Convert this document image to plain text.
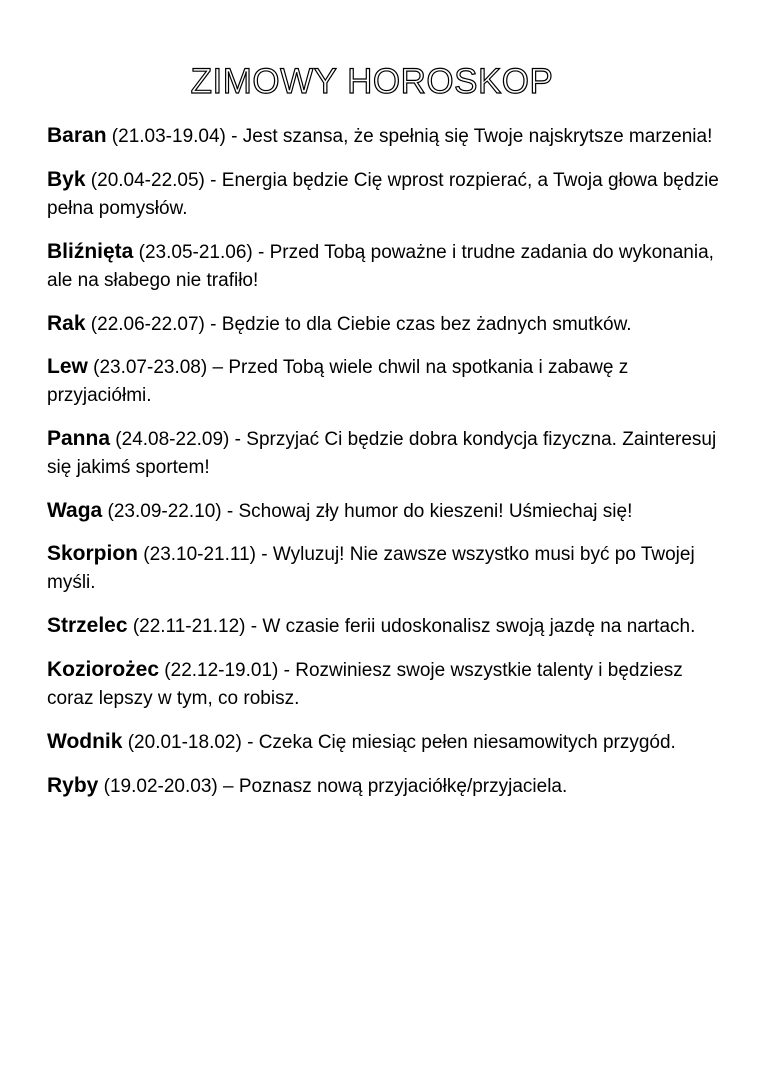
ZIMOWY HOROSKOP

Baran (21.03-19.04) - Jest szansa, że spełnią się Twoje najskrytsze marzenia!

Byk (20.04-22.05) - Energia będzie Cię wprost rozpierać, a Twoja głowa będzie pełna pomysłów.

Bliźnięta (23.05-21.06) - Przed Tobą poważne i trudne zadania do wykonania, ale na słabego nie trafiło!

Rak (22.06-22.07) - Będzie to dla Ciebie czas bez żadnych smutków.

Lew (23.07-23.08) – Przed Tobą wiele chwil na spotkania i zabawę z przyjaciółmi.

Panna (24.08-22.09) - Sprzyjać Ci będzie dobra kondycja fizyczna. Zainteresuj się jakimś sportem!

Waga (23.09-22.10) - Schowaj zły humor do kieszeni! Uśmiechaj się!

Skorpion (23.10-21.11) - Wyluzuj! Nie zawsze wszystko musi być po Twojej myśli.

Strzelec (22.11-21.12) - W czasie ferii udoskonalisz swoją jazdę na nartach.

Koziorożec (22.12-19.01) - Rozwiniesz swoje wszystkie talenty i będziesz coraz lepszy w tym, co robisz.

Wodnik (20.01-18.02) - Czeka Cię miesiąc pełen niesamowitych przygód.

Ryby (19.02-20.03) – Poznasz nową przyjaciółkę/przyjaciela.
